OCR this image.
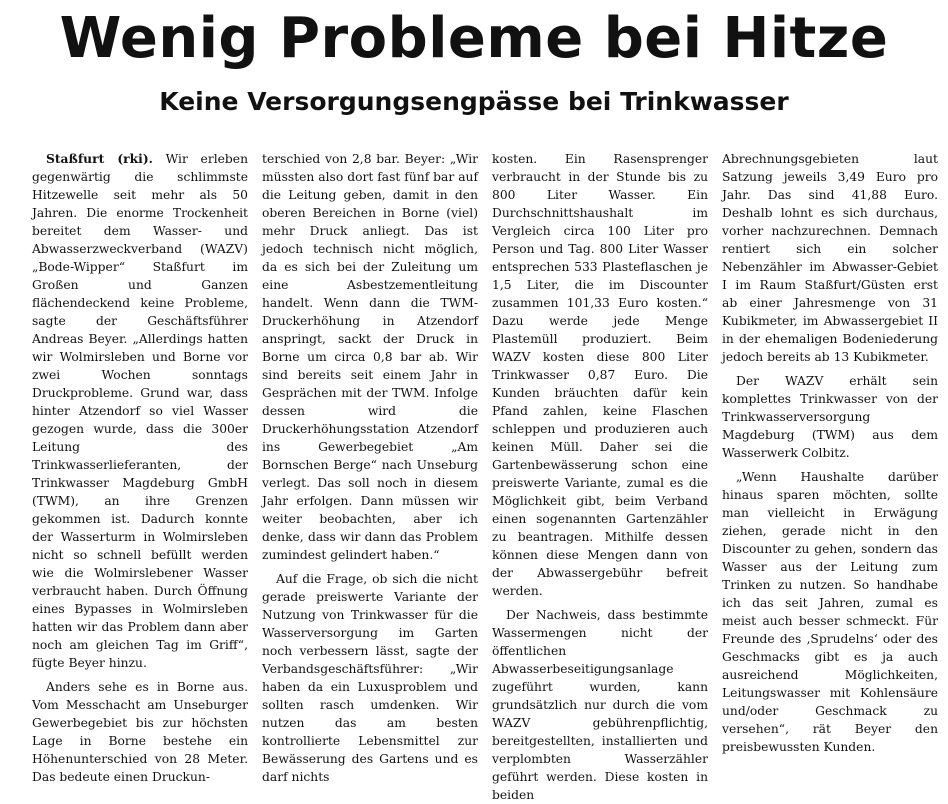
Wenig Probleme bei Hitze
Keine Versorgungsengpässe bei Trinkwasser

Staßfurt (rki). Wir erleben gegenwärtig die schlimmste Hitzewelle seit mehr als 50 Jahren. Die enorme Trockenheit bereitet dem Wasser- und Abwasserzweckverband (WAZV) „Bode-Wipper“ Staßfurt im Großen und Ganzen flächendeckend keine Probleme, sagte der Geschäftsführer Andreas Beyer. „Allerdings hatten wir Wolmirsleben und Borne vor zwei Wochen sonntags Druckprobleme. Grund war, dass hinter Atzendorf so viel Wasser gezogen wurde, dass die 300er Leitung des Trinkwasserlieferanten, der Trinkwasser Magdeburg GmbH (TWM), an ihre Grenzen gekommen ist. Dadurch konnte der Wasserturm in Wolmirsleben nicht so schnell befüllt werden wie die Wolmirslebener Wasser verbraucht haben. Durch Öffnung eines Bypasses in Wolmirsleben hatten wir das Problem dann aber noch am gleichen Tag im Griff“, fügte Beyer hinzu.

Anders sehe es in Borne aus. Vom Messchacht am Unseburger Gewerbegebiet bis zur höchsten Lage in Borne bestehe ein Höhenunterschied von 28 Meter. Das bedeute einen Druckun-

terschied von 2,8 bar. Beyer: „Wir müssten also dort fast fünf bar auf die Leitung geben, damit in den oberen Bereichen in Borne (viel) mehr Druck anliegt. Das ist jedoch technisch nicht möglich, da es sich bei der Zuleitung um eine Asbestzementleitung handelt. Wenn dann die TWM-Druckerhöhung in Atzendorf anspringt, sackt der Druck in Borne um circa 0,8 bar ab. Wir sind bereits seit einem Jahr in Gesprächen mit der TWM. Infolge dessen wird die Druckerhöhungsstation Atzendorf ins Gewerbegebiet „Am Bornschen Berge“ nach Unseburg verlegt. Das soll noch in diesem Jahr erfolgen. Dann müssen wir weiter beobachten, aber ich denke, dass wir dann das Problem zumindest gelindert haben.“

Auf die Frage, ob sich die nicht gerade preiswerte Variante der Nutzung von Trinkwasser für die Wasserversorgung im Garten noch verbessern lässt, sagte der Verbandsgeschäftsführer: „Wir haben da ein Luxusproblem und sollten rasch umdenken. Wir nutzen das am besten kontrollierte Lebensmittel zur Bewässerung des Gartens und es darf nichts

kosten. Ein Rasensprenger verbraucht in der Stunde bis zu 800 Liter Wasser. Ein Durchschnittshaushalt im Vergleich circa 100 Liter pro Person und Tag. 800 Liter Wasser entsprechen 533 Plasteflaschen je 1,5 Liter, die im Discounter zusammen 101,33 Euro kosten.“ Dazu werde jede Menge Plastemüll produziert. Beim WAZV kosten diese 800 Liter Trinkwasser 0,87 Euro. Die Kunden bräuchten dafür kein Pfand zahlen, keine Flaschen schleppen und produzieren auch keinen Müll. Daher sei die Gartenbewässerung schon eine preiswerte Variante, zumal es die Möglichkeit gibt, beim Verband einen sogenannten Gartenzähler zu beantragen. Mithilfe dessen können diese Mengen dann von der Abwassergebühr befreit werden.

Der Nachweis, dass bestimmte Wassermengen nicht der öffentlichen Abwasserbeseitigungsanlage zugeführt wurden, kann grundsätzlich nur durch die vom WAZV gebührenpflichtig, bereitgestellten, installierten und verplombten Wasserzähler geführt werden. Diese kosten in beiden

Abrechnungsgebieten laut Satzung jeweils 3,49 Euro pro Jahr. Das sind 41,88 Euro. Deshalb lohnt es sich durchaus, vorher nachzurechnen. Demnach rentiert sich ein solcher Nebenzähler im Abwasser-Gebiet I im Raum Staßfurt/Güsten erst ab einer Jahresmenge von 31 Kubikmeter, im Abwassergebiet II in der ehemaligen Bodeniederung jedoch bereits ab 13 Kubikmeter.

Der WAZV erhält sein komplettes Trinkwasser von der Trinkwasserversorgung Magdeburg (TWM) aus dem Wasserwerk Colbitz.

„Wenn Haushalte darüber hinaus sparen möchten, sollte man vielleicht in Erwägung ziehen, gerade nicht in den Discounter zu gehen, sondern das Wasser aus der Leitung zum Trinken zu nutzen. So handhabe ich das seit Jahren, zumal es meist auch besser schmeckt. Für Freunde des ‚Sprudelns‘ oder des Geschmacks gibt es ja auch ausreichend Möglichkeiten, Leitungswasser mit Kohlensäure und/oder Geschmack zu versehen“, rät Beyer den preisbewussten Kunden.
